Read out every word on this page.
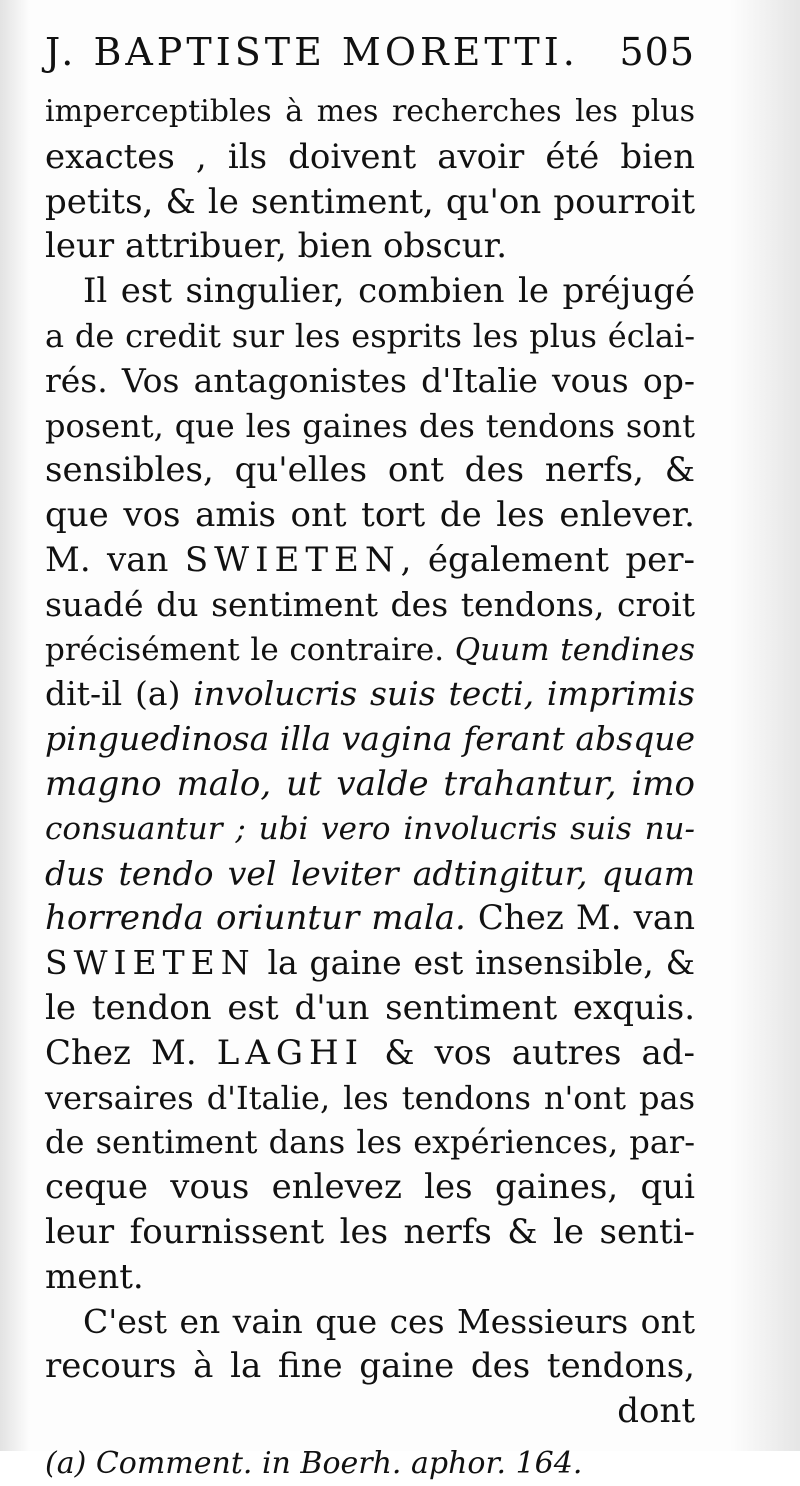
J. BAPTISTE MORETTI. 505
imperceptibles à mes recherches les plus
exactes , ils doivent avoir été bien
petits, & le sentiment, qu'on pourroit
leur attribuer, bien obscur.
Il est singulier, combien le préjugé
a de credit sur les esprits les plus éclai-
rés. Vos antagonistes d'Italie vous op-
posent, que les gaines des tendons sont
sensibles, qu'elles ont des nerfs, &
que vos amis ont tort de les enlever.
M. van SWIETEN, également per-
suadé du sentiment des tendons, croit
précisément le contraire. Quum tendines
dit-il (a) involucris suis tecti, imprimis
pinguedinosa illa vagina ferant absque
magno malo, ut valde trahantur, imo
consuantur ; ubi vero involucris suis nu-
dus tendo vel leviter adtingitur, quam
horrenda oriuntur mala. Chez M. van
SWIETEN la gaine est insensible, &
le tendon est d'un sentiment exquis.
Chez M. LAGHI & vos autres ad-
versaires d'Italie, les tendons n'ont pas
de sentiment dans les expériences, par-
ceque vous enlevez les gaines, qui
leur fournissent les nerfs & le senti-
ment.
C'est en vain que ces Messieurs ont
recours à la fine gaine des tendons,
dont
(a) Comment. in Boerh. aphor. 164.
